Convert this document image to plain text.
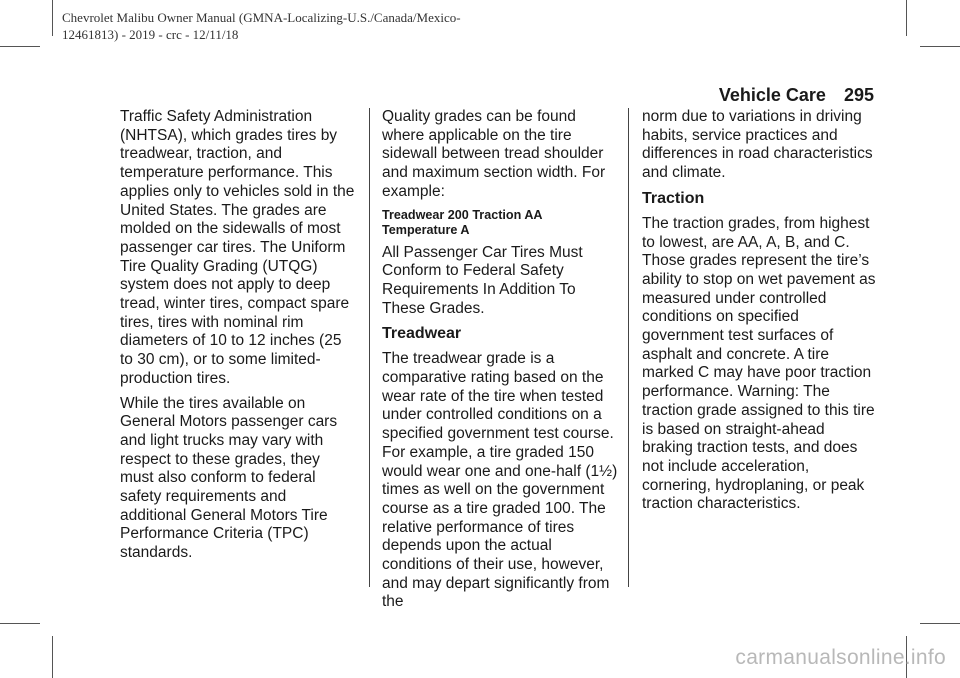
Chevrolet Malibu Owner Manual (GMNA-Localizing-U.S./Canada/Mexico-
12461813) - 2019 - crc - 12/11/18

Vehicle Care 295

Traffic Safety Administration (NHTSA), which grades tires by treadwear, traction, and temperature performance. This applies only to vehicles sold in the United States. The grades are molded on the sidewalls of most passenger car tires. The Uniform Tire Quality Grading (UTQG) system does not apply to deep tread, winter tires, compact spare tires, tires with nominal rim diameters of 10 to 12 inches (25 to 30 cm), or to some limited-production tires.

While the tires available on General Motors passenger cars and light trucks may vary with respect to these grades, they must also conform to federal safety requirements and additional General Motors Tire Performance Criteria (TPC) standards.

Quality grades can be found where applicable on the tire sidewall between tread shoulder and maximum section width. For example:

Treadwear 200 Traction AA Temperature A

All Passenger Car Tires Must Conform to Federal Safety Requirements In Addition To These Grades.

Treadwear

The treadwear grade is a comparative rating based on the wear rate of the tire when tested under controlled conditions on a specified government test course. For example, a tire graded 150 would wear one and one-half (1½) times as well on the government course as a tire graded 100. The relative performance of tires depends upon the actual conditions of their use, however, and may depart significantly from the

norm due to variations in driving habits, service practices and differences in road characteristics and climate.

Traction

The traction grades, from highest to lowest, are AA, A, B, and C. Those grades represent the tire’s ability to stop on wet pavement as measured under controlled conditions on specified government test surfaces of asphalt and concrete. A tire marked C may have poor traction performance. Warning: The traction grade assigned to this tire is based on straight-ahead braking traction tests, and does not include acceleration, cornering, hydroplaning, or peak traction characteristics.

carmanualsonline.info
